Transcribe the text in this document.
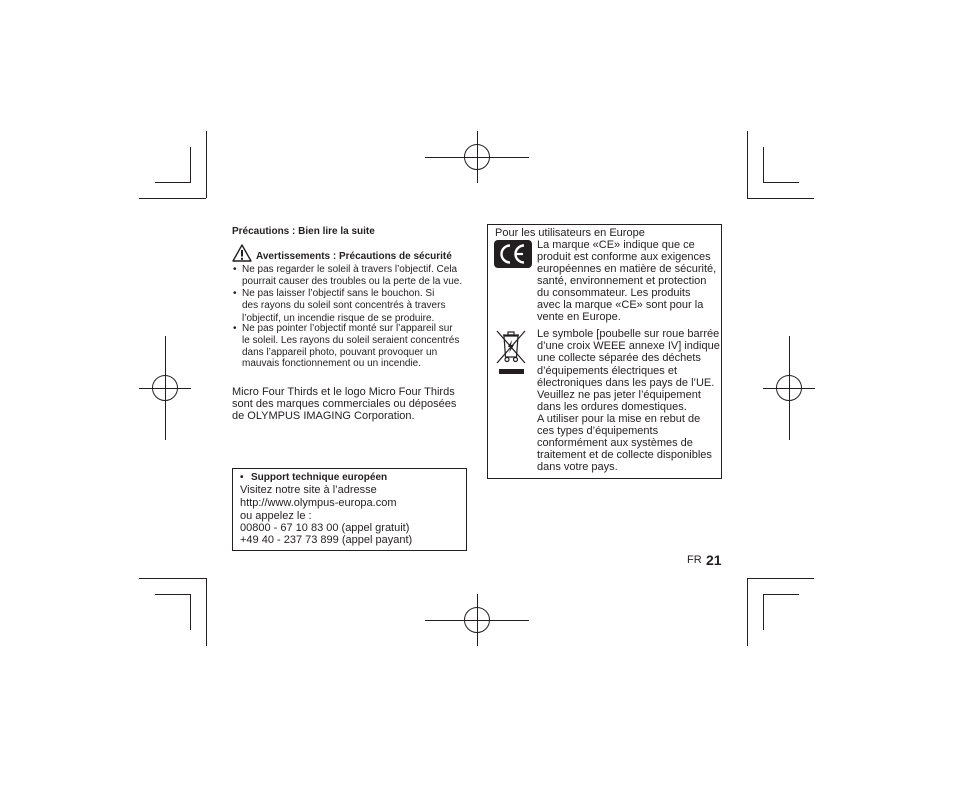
Précautions : Bien lire la suite
Avertissements : Précautions de sécurité
• Ne pas regarder le soleil à travers l’objectif. Cela
pourrait causer des troubles ou la perte de la vue.
• Ne pas laisser l’objectif sans le bouchon. Si
des rayons du soleil sont concentrés à travers
l’objectif, un incendie risque de se produire.
• Ne pas pointer l’objectif monté sur l’appareil sur
le soleil. Les rayons du soleil seraient concentrés
dans l’appareil photo, pouvant provoquer un
mauvais fonctionnement ou un incendie.
Micro Four Thirds et le logo Micro Four Thirds
sont des marques commerciales ou déposées
de OLYMPUS IMAGING Corporation.
• Support technique européen
Visitez notre site à l’adresse
http://www.olympus-europa.com
ou appelez le :
00800 - 67 10 83 00 (appel gratuit)
+49 40 - 237 73 899 (appel payant)
Pour les utilisateurs en Europe
La marque «CE» indique que ce
produit est conforme aux exigences
européennes en matière de sécurité,
santé, environnement et protection
du consommateur. Les produits
avec la marque «CE» sont pour la
vente en Europe.
Le symbole [poubelle sur roue barrée
d’une croix WEEE annexe IV] indique
une collecte séparée des déchets
d’équipements électriques et
électroniques dans les pays de l’UE.
Veuillez ne pas jeter l’équipement
dans les ordures domestiques.
A utiliser pour la mise en rebut de
ces types d’équipements
conformément aux systèmes de
traitement et de collecte disponibles
dans votre pays.
FR 21
